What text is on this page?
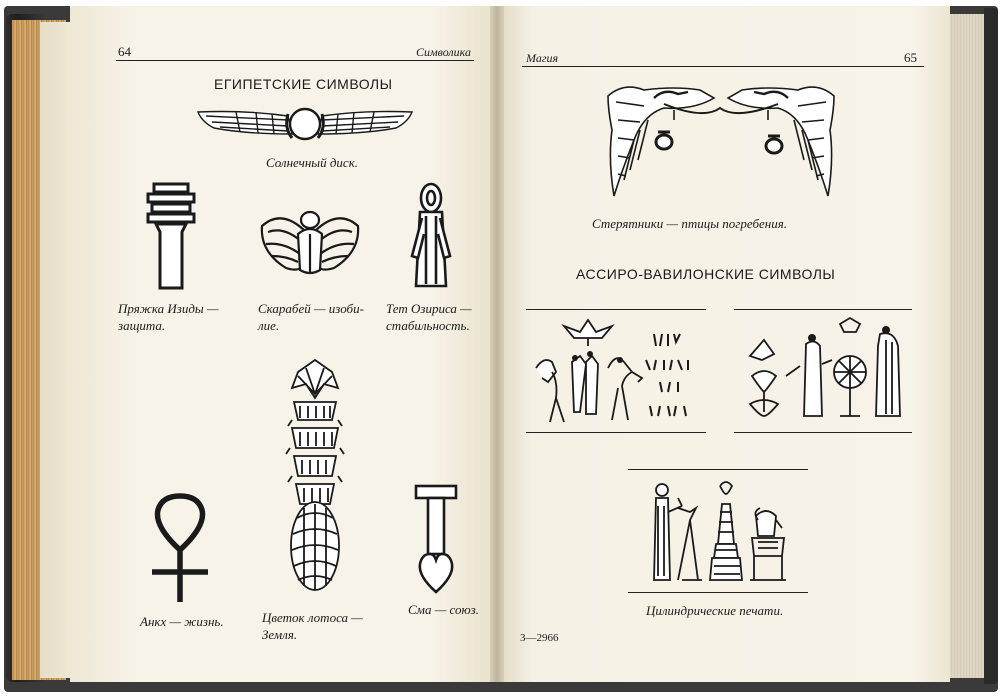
64	Символика
ЕГИПЕТСКИЕ СИМВОЛЫ
Солнечный диск.
Пряжка Изиды —
защита.
Скарабей — изоби-
лие.
Тет Озириса —
стабильность.
Цветок лотоса —
Земля.
Анкх — жизнь.
Сма — союз.
Магия	65
Стерятники — птицы погребения.
АССИРО-ВАВИЛОНСКИЕ СИМВОЛЫ
Цилиндрические печати.
3—2966
